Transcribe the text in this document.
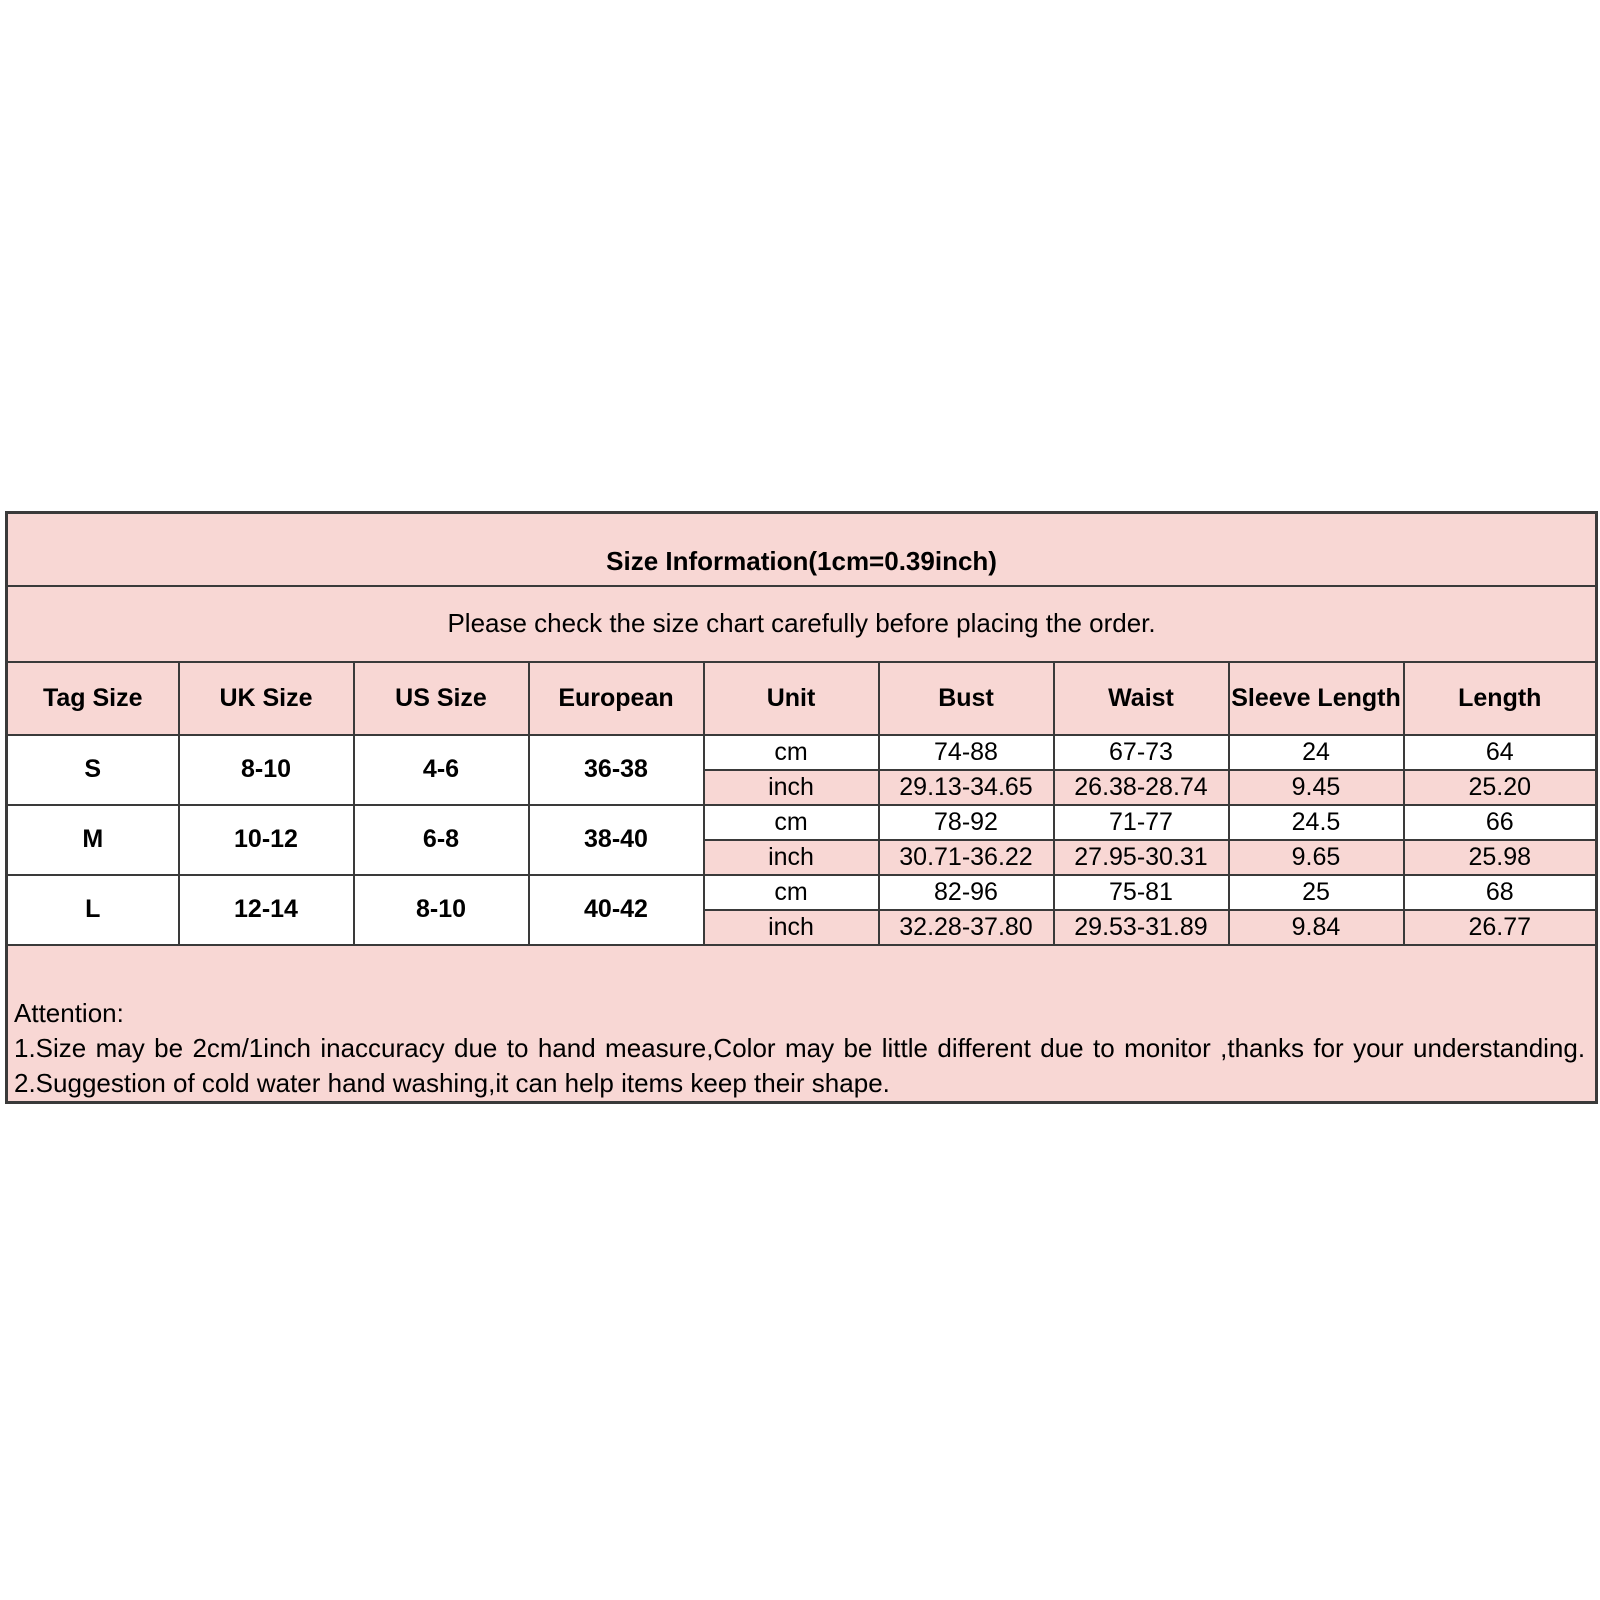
Size Information(1cm=0.39inch)								
Please check the size chart carefully before placing the order.								
Tag Size	UK Size	US Size	European	Unit	Bust	Waist	Sleeve Length	Length
S	8-10	4-6	36-38	cm	74-88	67-73	24	64
				inch	29.13-34.65	26.38-28.74	9.45	25.20
M	10-12	6-8	38-40	cm	78-92	71-77	24.5	66
				inch	30.71-36.22	27.95-30.31	9.65	25.98
L	12-14	8-10	40-42	cm	82-96	75-81	25	68
				inch	32.28-37.80	29.53-31.89	9.84	26.77

Attention:
1.Size may be 2cm/1inch inaccuracy due to hand measure,Color may be little different due to monitor ,thanks for your understanding.
2.Suggestion of cold water hand washing,it can help items keep their shape.								
